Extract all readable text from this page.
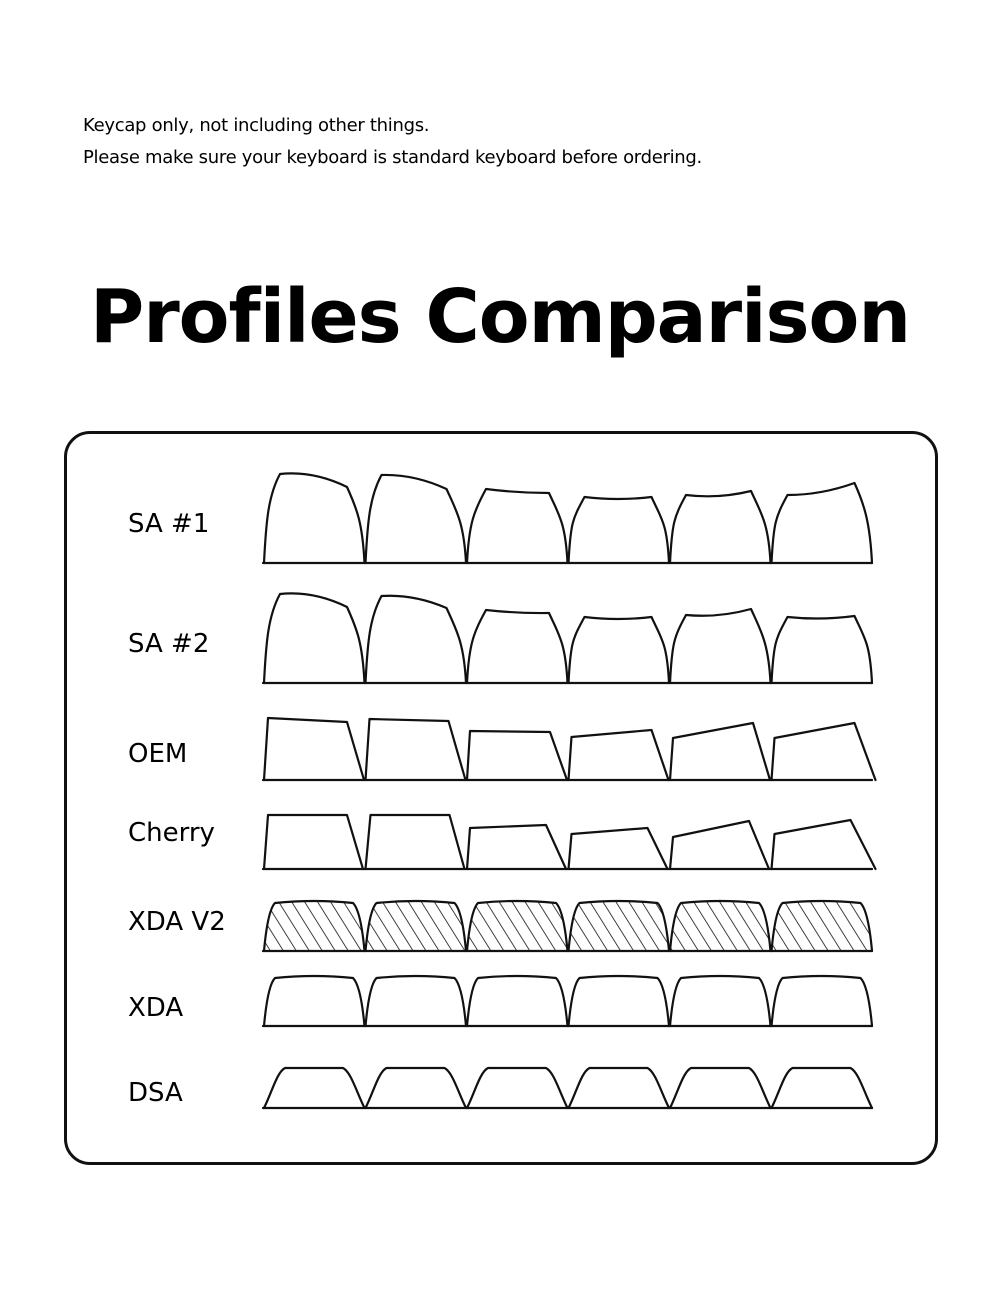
Keycap only, not including other things.
Please make sure your keyboard is standard keyboard before ordering.
Profiles Comparison
SA #1
SA #2
OEM
Cherry
XDA V2
XDA
DSA
